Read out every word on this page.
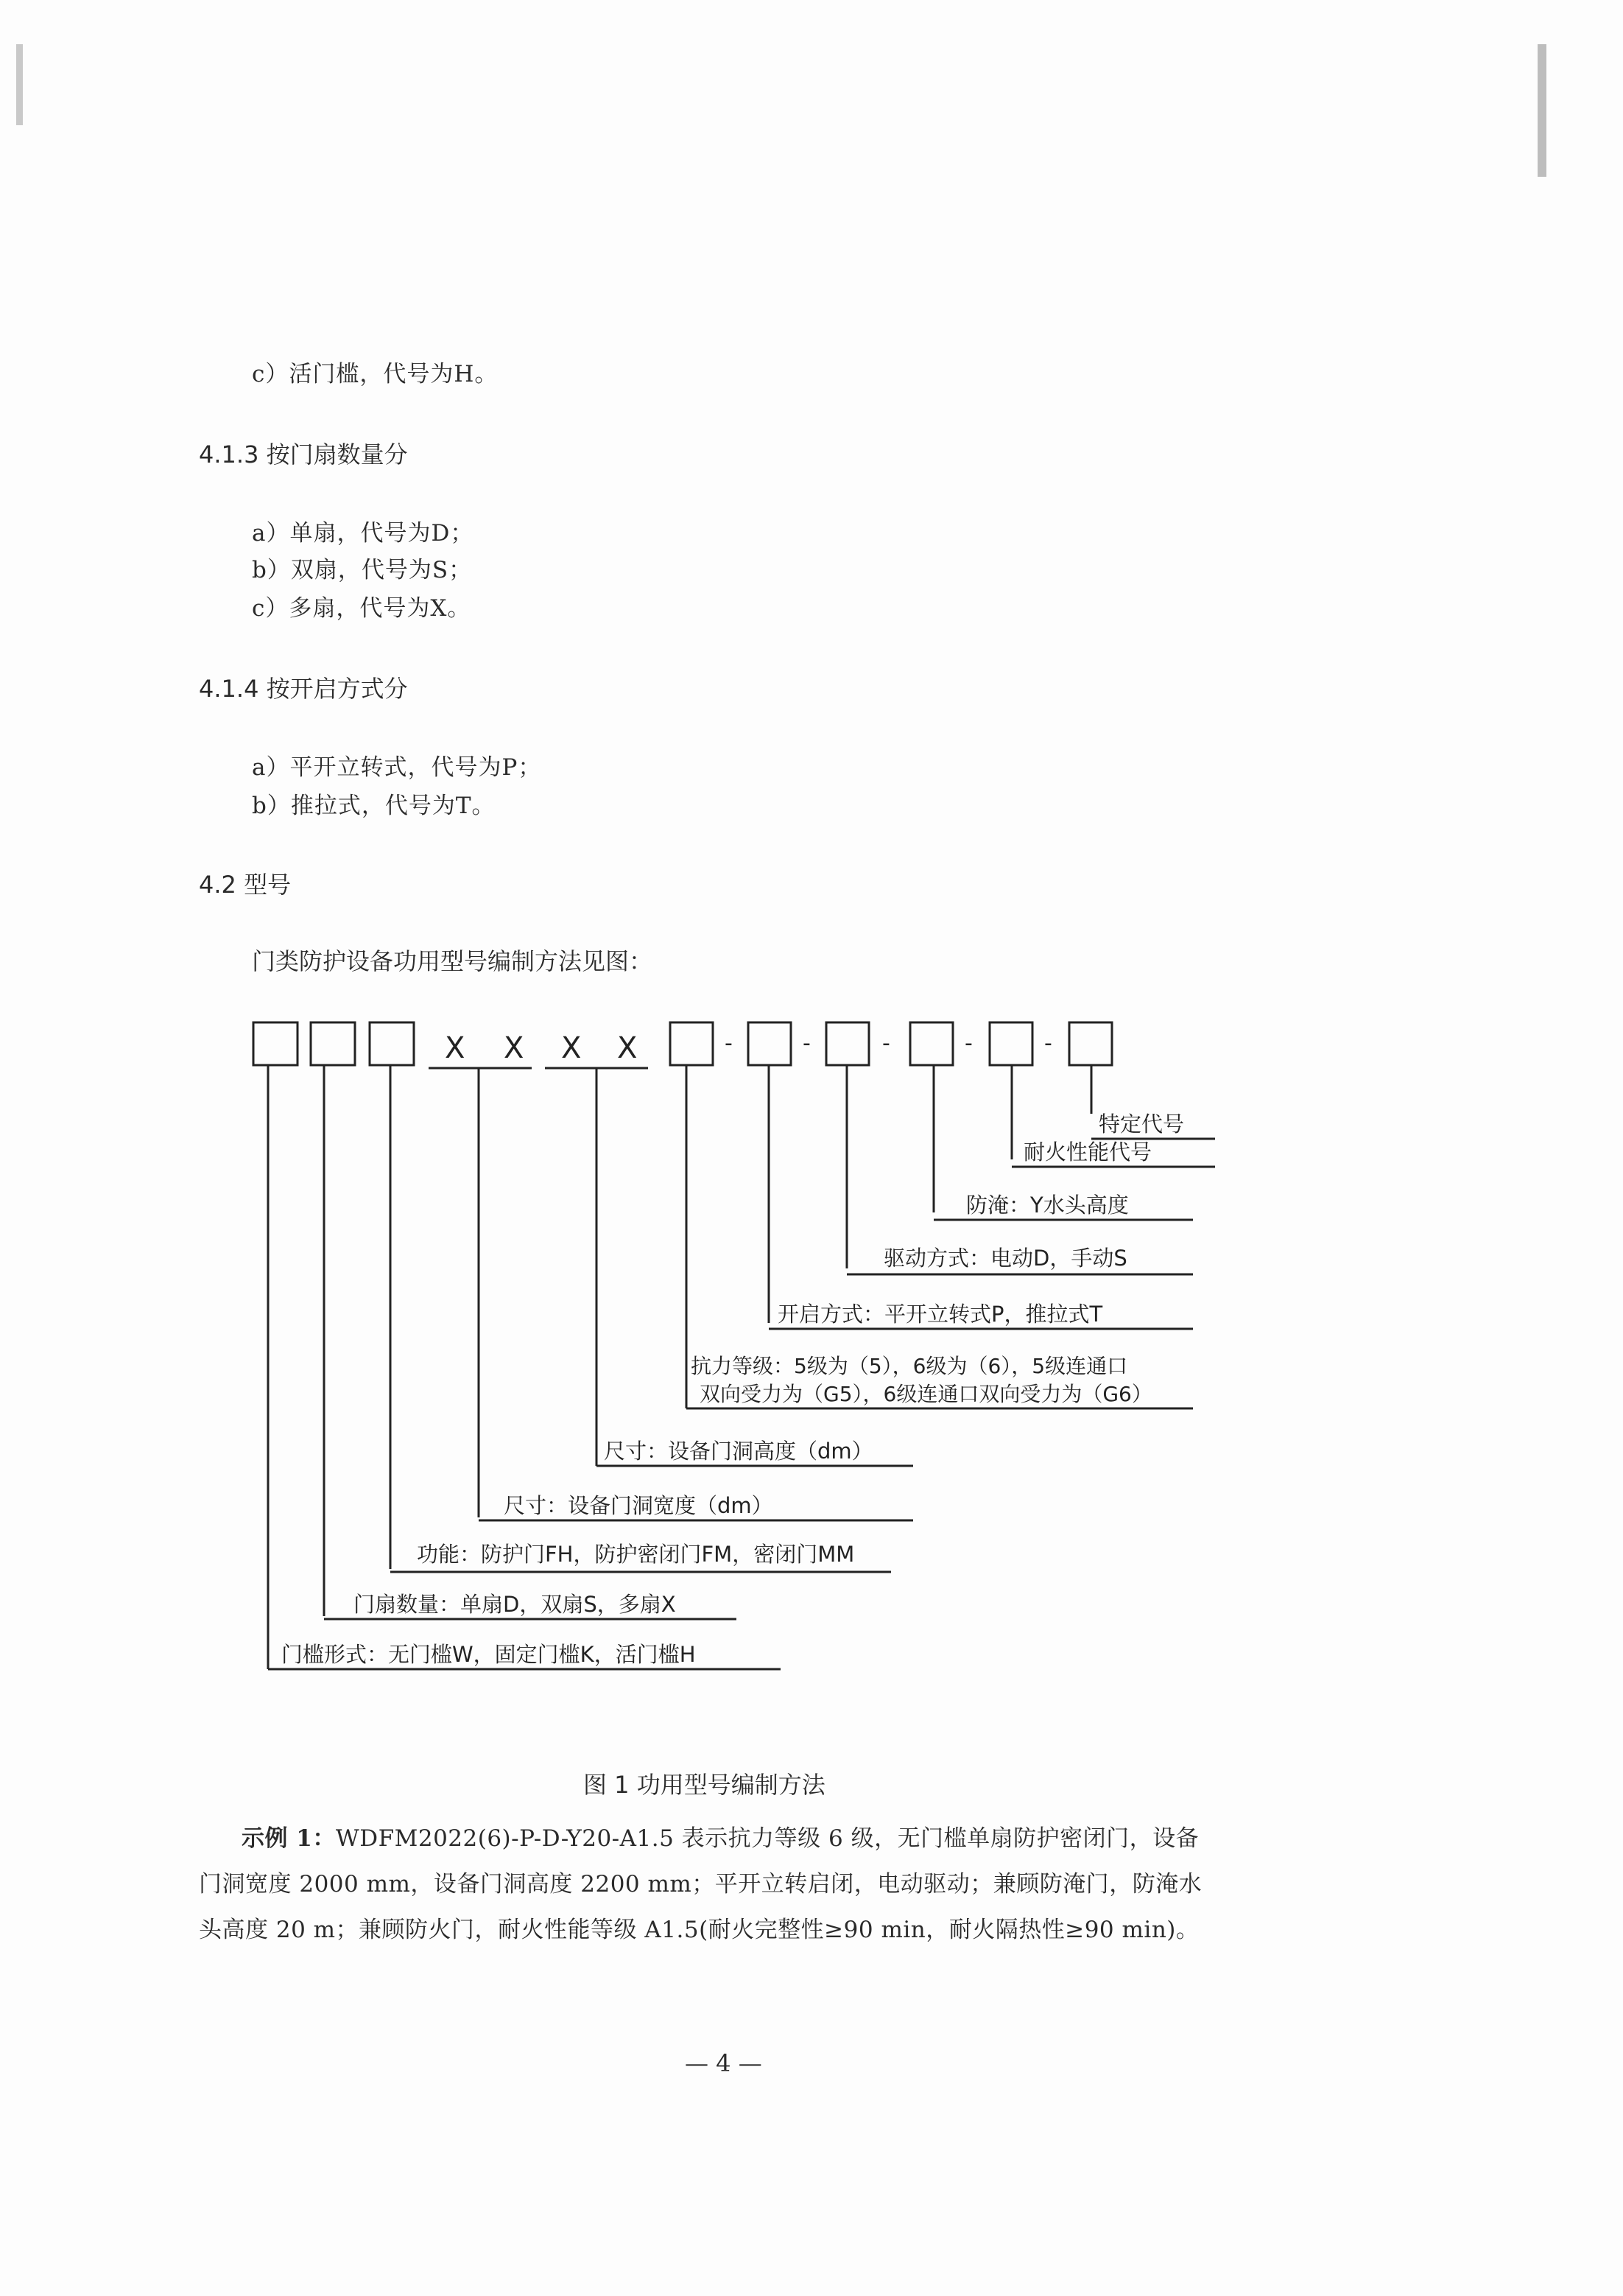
c）活门槛，代号为H。
4.1.3 按门扇数量分
a）单扇，代号为D；
b）双扇，代号为S；
c）多扇，代号为X。
4.1.4 按开启方式分
a）平开立转式，代号为P；
b）推拉式，代号为T。
4.2 型号
门类防护设备功用型号编制方法见图：
X X X X	-	-	-	-	-
特定代号
耐火性能代号
防淹：Y水头高度
驱动方式：电动D，手动S
开启方式：平开立转式P，推拉式T
抗力等级：5级为（5），6级为（6），5级连通口
双向受力为（G5），6级连通口双向受力为（G6）
尺寸：设备门洞高度（dm）
尺寸：设备门洞宽度（dm）
功能：防护门FH，防护密闭门FM，密闭门MM
门扇数量：单扇D，双扇S，多扇X
门槛形式：无门槛W，固定门槛K，活门槛H
图 1 功用型号编制方法
示例 1：WDFM2022(6)-P-D-Y20-A1.5 表示抗力等级 6 级，无门槛单扇防护密闭门，设备
门洞宽度 2000 mm，设备门洞高度 2200 mm；平开立转启闭，电动驱动；兼顾防淹门，防淹水
头高度 20 m；兼顾防火门，耐火性能等级 A1.5(耐火完整性≥90 min，耐火隔热性≥90 min)。
— 4 —
